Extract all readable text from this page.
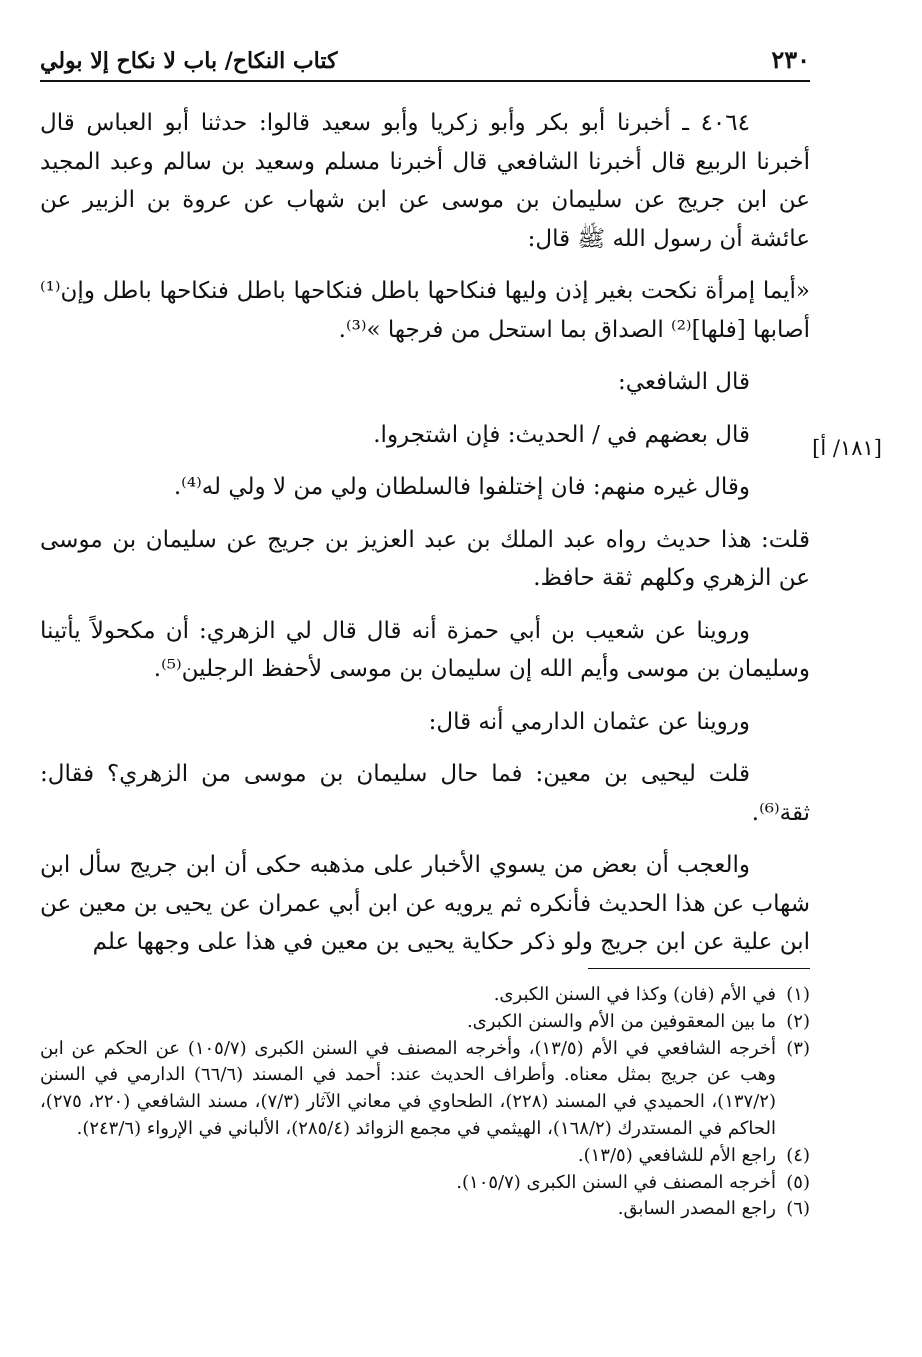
٢٣٠
كتاب النكاح/ باب لا نكاح إلا بولي
[١٨١/ أ]

٤٠٦٤ ـ أخبرنا أبو بكر وأبو زكريا وأبو سعيد قالوا: حدثنا أبو العباس قال أخبرنا الربيع قال أخبرنا الشافعي قال أخبرنا مسلم وسعيد بن سالم وعبد المجيد عن ابن جريج عن سليمان بن موسى عن ابن شهاب عن عروة بن الزبير عن عائشة أن رسول الله ﷺ قال:

«أيما إمرأة نكحت بغير إذن وليها فنكاحها باطل فنكاحها باطل فنكاحها باطل وإن⁽¹⁾ أصابها [فلها]⁽²⁾ الصداق بما استحل من فرجها »⁽³⁾.

قال الشافعي:

قال بعضهم في / الحديث: فإن اشتجروا.

وقال غيره منهم: فان إختلفوا فالسلطان ولي من لا ولي له⁽⁴⁾.

قلت: هذا حديث رواه عبد الملك بن عبد العزيز بن جريج عن سليمان بن موسى عن الزهري وكلهم ثقة حافظ.

وروينا عن شعيب بن أبي حمزة أنه قال قال لي الزهري: أن مكحولاً يأتينا وسليمان بن موسى وأيم الله إن سليمان بن موسى لأحفظ الرجلين⁽⁵⁾.

وروينا عن عثمان الدارمي أنه قال:

قلت ليحيى بن معين: فما حال سليمان بن موسى من الزهري؟ فقال: ثقة⁽⁶⁾.

والعجب أن بعض من يسوي الأخبار على مذهبه حكى أن ابن جريج سأل ابن شهاب عن هذا الحديث فأنكره ثم يرويه عن ابن أبي عمران عن يحيى بن معين عن ابن علية عن ابن جريج ولو ذكر حكاية يحيى بن معين في هذا على وجهها علم

(١)
في الأم (فان) وكذا في السنن الكبرى.
(٢)
ما بين المعقوفين من الأم والسنن الكبرى.
(٣)
أخرجه الشافعي في الأم (١٣/٥)، وأخرجه المصنف في السنن الكبرى (١٠٥/٧) عن الحكم عن ابن وهب عن جريج بمثل معناه. وأطراف الحديث عند: أحمد في المسند (٦٦/٦) الدارمي في السنن (١٣٧/٢)، الحميدي في المسند (٢٢٨)، الطحاوي في معاني الآثار (٧/٣)، مسند الشافعي (٢٢٠، ٢٧٥)، الحاكم في المستدرك (١٦٨/٢)، الهيثمي في مجمع الزوائد (٢٨٥/٤)، الألباني في الإرواء (٢٤٣/٦).
(٤)
راجع الأم للشافعي (١٣/٥).
(٥)
أخرجه المصنف في السنن الكبرى (١٠٥/٧).
(٦)
راجع المصدر السابق.
